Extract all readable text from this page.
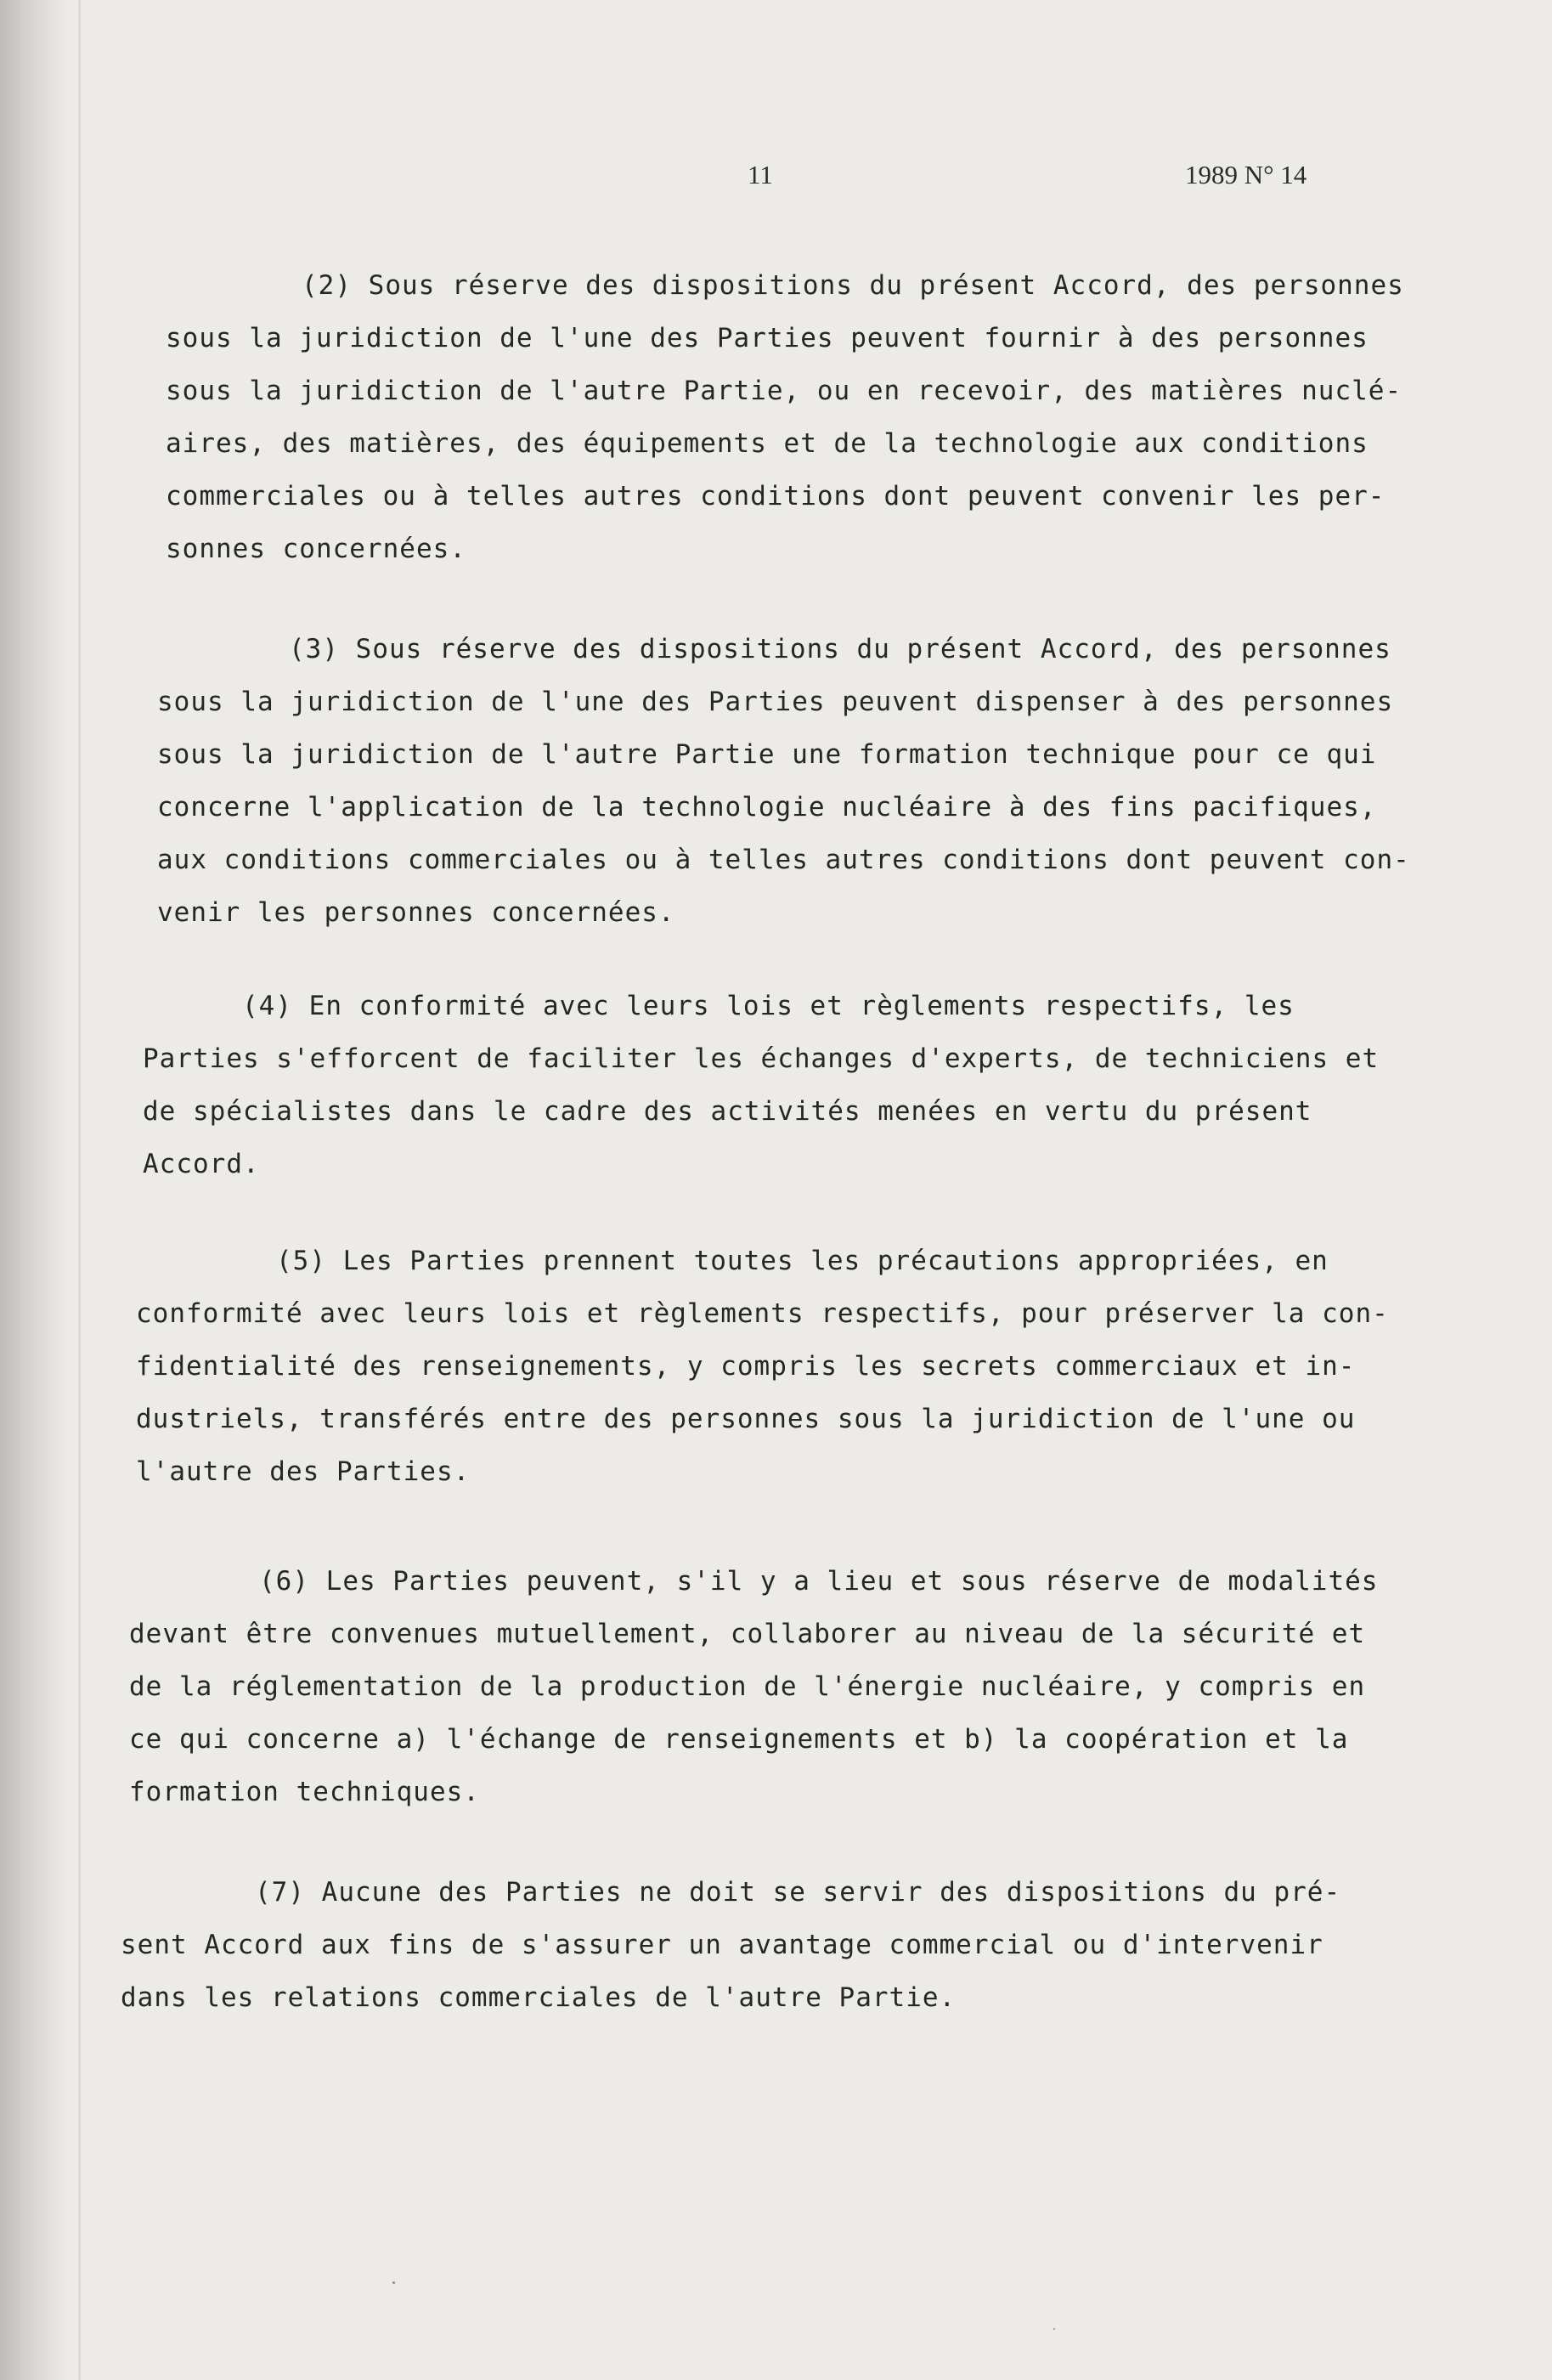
11	1989 N° 14
(2) Sous réserve des dispositions du présent Accord, des personnes
sous la juridiction de l'une des Parties peuvent fournir à des personnes
sous la juridiction de l'autre Partie, ou en recevoir, des matières nuclé-
aires, des matières, des équipements et de la technologie aux conditions
commerciales ou à telles autres conditions dont peuvent convenir les per-
sonnes concernées.
(3) Sous réserve des dispositions du présent Accord, des personnes
sous la juridiction de l'une des Parties peuvent dispenser à des personnes
sous la juridiction de l'autre Partie une formation technique pour ce qui
concerne l'application de la technologie nucléaire à des fins pacifiques,
aux conditions commerciales ou à telles autres conditions dont peuvent con-
venir les personnes concernées.
(4) En conformité avec leurs lois et règlements respectifs, les
Parties s'efforcent de faciliter les échanges d'experts, de techniciens et
de spécialistes dans le cadre des activités menées en vertu du présent
Accord.
(5) Les Parties prennent toutes les précautions appropriées, en
conformité avec leurs lois et règlements respectifs, pour préserver la con-
fidentialité des renseignements, y compris les secrets commerciaux et in-
dustriels, transférés entre des personnes sous la juridiction de l'une ou
l'autre des Parties.
(6) Les Parties peuvent, s'il y a lieu et sous réserve de modalités
devant être convenues mutuellement, collaborer au niveau de la sécurité et
de la réglementation de la production de l'énergie nucléaire, y compris en
ce qui concerne a) l'échange de renseignements et b) la coopération et la
formation techniques.
(7) Aucune des Parties ne doit se servir des dispositions du pré-
sent Accord aux fins de s'assurer un avantage commercial ou d'intervenir
dans les relations commerciales de l'autre Partie.
